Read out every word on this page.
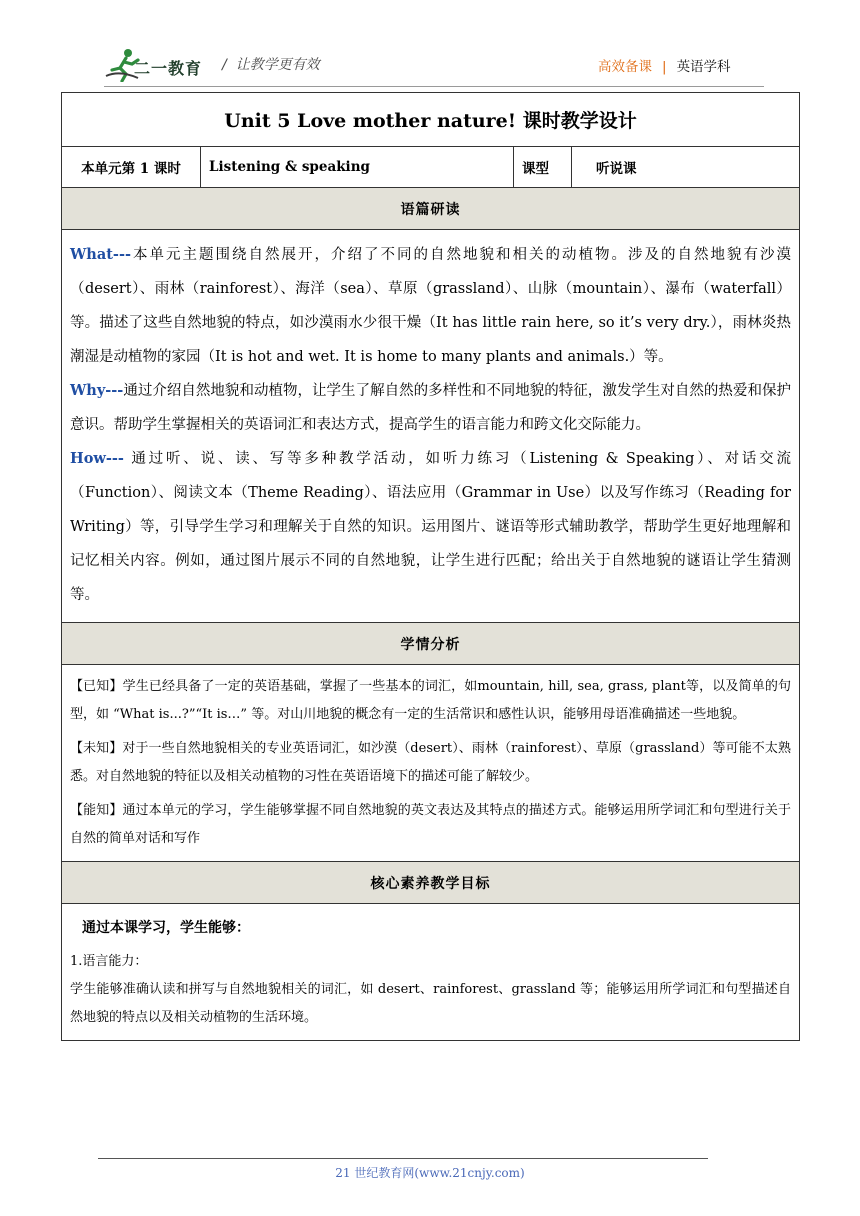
二一教育 /  让教学更有效	高效备课 | 英语学科
Unit 5 Love mother nature! 课时教学设计
本单元第 1 课时	Listening & speaking	课型	听说课
语篇研读

What---本单元主题围绕自然展开，介绍了不同的自然地貌和相关的动植物。涉及的自然地貌有沙漠（desert）、雨林（rainforest）、海洋（sea）、草原（grassland）、山脉（mountain）、瀑布（waterfall）等。描述了这些自然地貌的特点，如沙漠雨水少很干燥（It has little rain here, so it’s very dry.），雨林炎热潮湿是动植物的家园（It is hot and wet. It is home to many plants and animals.）等。

Why---通过介绍自然地貌和动植物，让学生了解自然的多样性和不同地貌的特征，激发学生对自然的热爱和保护意识。帮助学生掌握相关的英语词汇和表达方式，提高学生的语言能力和跨文化交际能力。

How--- 通过听、说、读、写等多种教学活动，如听力练习（Listening & Speaking）、对话交流（Function）、阅读文本（Theme Reading）、语法应用（Grammar in Use）以及写作练习（Reading for Writing）等，引导学生学习和理解关于自然的知识。运用图片、谜语等形式辅助教学，帮助学生更好地理解和记忆相关内容。例如，通过图片展示不同的自然地貌，让学生进行匹配；给出关于自然地貌的谜语让学生猜测等。

学情分析

【已知】学生已经具备了一定的英语基础，掌握了一些基本的词汇，如mountain, hill, sea, grass, plant等，以及简单的句型，如 “What is...?”“It is…” 等。对山川地貌的概念有一定的生活常识和感性认识，能够用母语准确描述一些地貌。

【未知】对于一些自然地貌相关的专业英语词汇，如沙漠（desert）、雨林（rainforest）、草原（grassland）等可能不太熟悉。对自然地貌的特征以及相关动植物的习性在英语语境下的描述可能了解较少。

【能知】通过本单元的学习，学生能够掌握不同自然地貌的英文表达及其特点的描述方式。能够运用所学词汇和句型进行关于自然的简单对话和写作

核心素养教学目标

通过本课学习，学生能够：

1.语言能力：

学生能够准确认读和拼写与自然地貌相关的词汇，如 desert、rainforest、grassland 等；能够运用所学词汇和句型描述自然地貌的特点以及相关动植物的生活环境。

21 世纪教育网(www.21cnjy.com)
